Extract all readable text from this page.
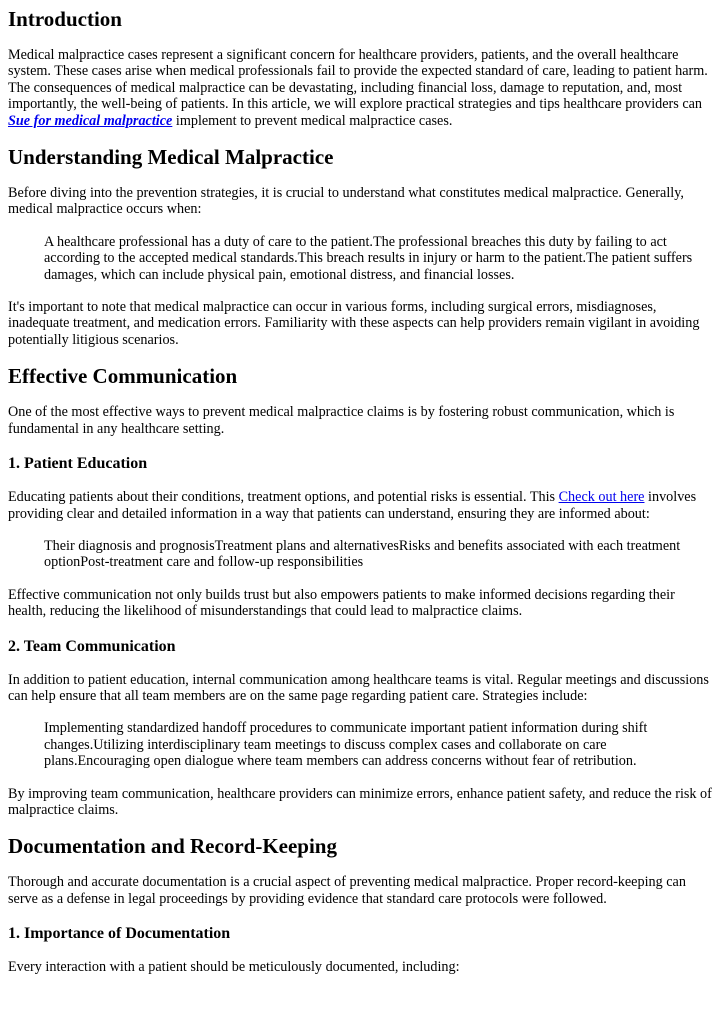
Introduction

Medical malpractice cases represent a significant concern for healthcare providers, patients, and the overall healthcare system. These cases arise when medical professionals fail to provide the expected standard of care, leading to patient harm. The consequences of medical malpractice can be devastating, including financial loss, damage to reputation, and, most importantly, the well-being of patients. In this article, we will explore practical strategies and tips healthcare providers can Sue for medical malpractice implement to prevent medical malpractice cases.

Understanding Medical Malpractice

Before diving into the prevention strategies, it is crucial to understand what constitutes medical malpractice. Generally, medical malpractice occurs when:

A healthcare professional has a duty of care to the patient.The professional breaches this duty by failing to act according to the accepted medical standards.This breach results in injury or harm to the patient.The patient suffers damages, which can include physical pain, emotional distress, and financial losses.

It's important to note that medical malpractice can occur in various forms, including surgical errors, misdiagnoses, inadequate treatment, and medication errors. Familiarity with these aspects can help providers remain vigilant in avoiding potentially litigious scenarios.

Effective Communication

One of the most effective ways to prevent medical malpractice claims is by fostering robust communication, which is fundamental in any healthcare setting.

1. Patient Education

Educating patients about their conditions, treatment options, and potential risks is essential. This Check out here involves providing clear and detailed information in a way that patients can understand, ensuring they are informed about:

Their diagnosis and prognosisTreatment plans and alternativesRisks and benefits associated with each treatment optionPost-treatment care and follow-up responsibilities

Effective communication not only builds trust but also empowers patients to make informed decisions regarding their health, reducing the likelihood of misunderstandings that could lead to malpractice claims.

2. Team Communication

In addition to patient education, internal communication among healthcare teams is vital. Regular meetings and discussions can help ensure that all team members are on the same page regarding patient care. Strategies include:

Implementing standardized handoff procedures to communicate important patient information during shift changes.Utilizing interdisciplinary team meetings to discuss complex cases and collaborate on care plans.Encouraging open dialogue where team members can address concerns without fear of retribution.

By improving team communication, healthcare providers can minimize errors, enhance patient safety, and reduce the risk of malpractice claims.

Documentation and Record-Keeping

Thorough and accurate documentation is a crucial aspect of preventing medical malpractice. Proper record-keeping can serve as a defense in legal proceedings by providing evidence that standard care protocols were followed.

1. Importance of Documentation

Every interaction with a patient should be meticulously documented, including:
